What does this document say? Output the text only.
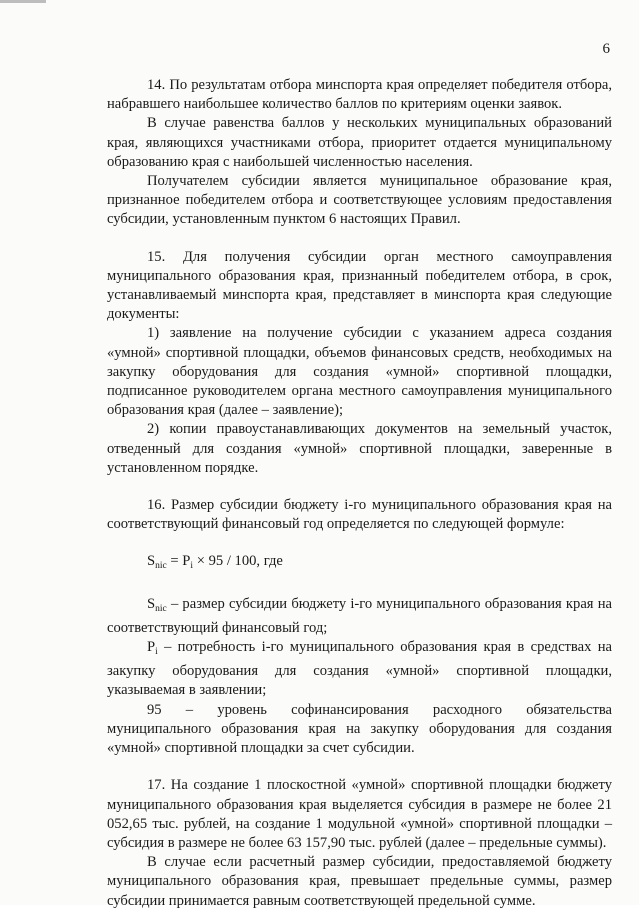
6

14. По результатам отбора минспорта края определяет победителя отбора, набравшего наибольшее количество баллов по критериям оценки заявок.

В случае равенства баллов у нескольких муниципальных образований края, являющихся участниками отбора, приоритет отдается муниципальному образованию края с наибольшей численностью населения.

Получателем субсидии является муниципальное образование края, признанное победителем отбора и соответствующее условиям предоставления субсидии, установленным пунктом 6 настоящих Правил.

15. Для получения субсидии орган местного самоуправления муниципального образования края, признанный победителем отбора, в срок, устанавливаемый минспорта края, представляет в минспорта края следующие документы:

1) заявление на получение субсидии с указанием адреса создания «умной» спортивной площадки, объемов финансовых средств, необходимых на закупку оборудования для создания «умной» спортивной площадки, подписанное руководителем органа местного самоуправления муниципального образования края (далее – заявление);

2) копии правоустанавливающих документов на земельный участок, отведенный для создания «умной» спортивной площадки, заверенные в установленном порядке.

16. Размер субсидии бюджету i-го муниципального образования края на соответствующий финансовый год определяется по следующей формуле:

$S_{nic} = P_i \times 95 / 100$, где

$S_{nic}$ – размер субсидии бюджету i-го муниципального образования края на соответствующий финансовый год;

$P_i$ – потребность i-го муниципального образования края в средствах на закупку оборудования для создания «умной» спортивной площадки, указываемая в заявлении;

95 – уровень софинансирования расходного обязательства муниципального образования края на закупку оборудования для создания «умной» спортивной площадки за счет субсидии.

17. На создание 1 плоскостной «умной» спортивной площадки бюджету муниципального образования края выделяется субсидия в размере не более 21 052,65 тыс. рублей, на создание 1 модульной «умной» спортивной площадки – субсидия в размере не более 63 157,90 тыс. рублей (далее – предельные суммы).

В случае если расчетный размер субсидии, предоставляемой бюджету муниципального образования края, превышает предельные суммы, размер субсидии принимается равным соответствующей предельной сумме.
